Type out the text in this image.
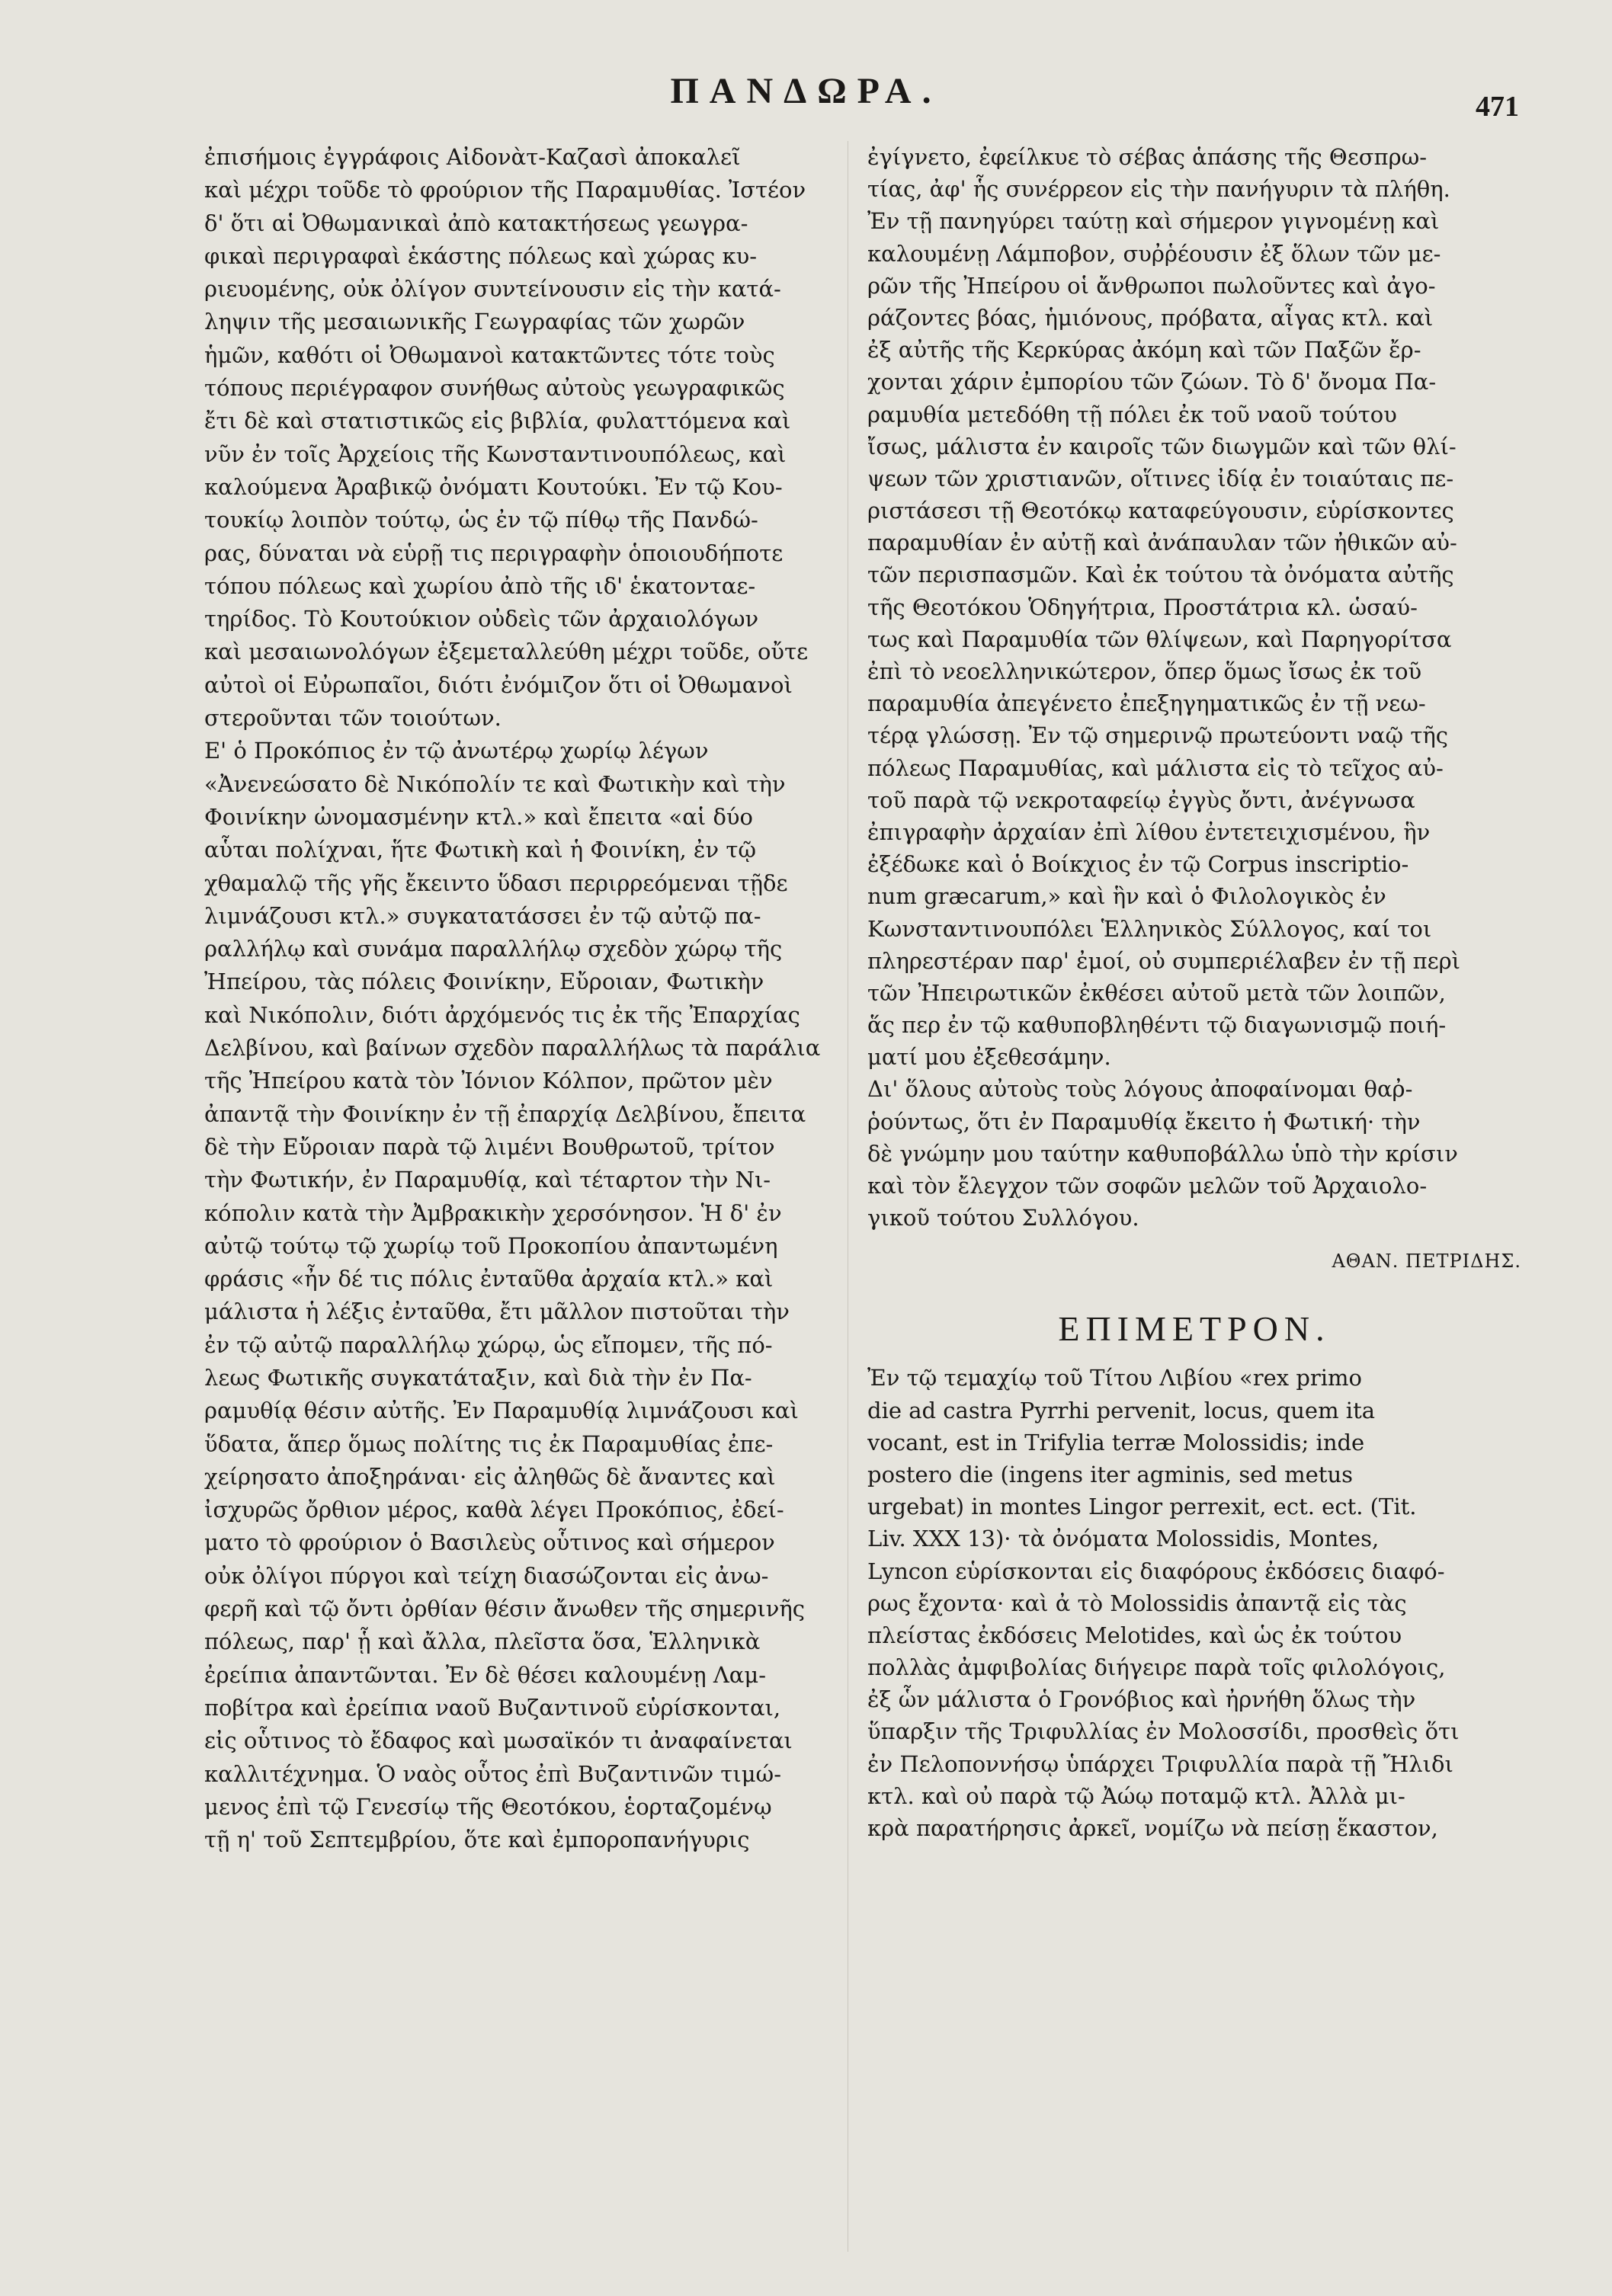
ΠΑΝΔΩΡΑ.	471
ἐπισήμοις ἐγγράφοις Αἰδονὰτ-Καζασὶ ἀποκαλεῖ
καὶ μέχρι τοῦδε τὸ φρούριον τῆς Παραμυθίας. Ἰστέον
δ' ὅτι αἱ Ὀθωμανικαὶ ἀπὸ κατακτήσεως γεωγρα-
φικαὶ περιγραφαὶ ἑκάστης πόλεως καὶ χώρας κυ-
ριευομένης, οὐκ ὀλίγον συντείνουσιν εἰς τὴν κατά-
ληψιν τῆς μεσαιωνικῆς Γεωγραφίας τῶν χωρῶν
ἡμῶν, καθότι οἱ Ὀθωμανοὶ κατακτῶντες τότε τοὺς
τόπους περιέγραφον συνήθως αὐτοὺς γεωγραφικῶς
ἔτι δὲ καὶ στατιστικῶς εἰς βιβλία, φυλαττόμενα καὶ
νῦν ἐν τοῖς Ἀρχείοις τῆς Κωνσταντινουπόλεως, καὶ
καλούμενα Ἀραβικῷ ὀνόματι Κουτούκι. Ἐν τῷ Κου-
τουκίῳ λοιπὸν τούτῳ, ὡς ἐν τῷ πίθῳ τῆς Πανδώ-
ρας, δύναται νὰ εὑρῇ τις περιγραφὴν ὁποιουδήποτε
τόπου πόλεως καὶ χωρίου ἀπὸ τῆς ιδ' ἑκατονταε-
τηρίδος. Τὸ Κουτούκιον οὐδεὶς τῶν ἀρχαιολόγων
καὶ μεσαιωνολόγων ἐξεμεταλλεύθη μέχρι τοῦδε, οὔτε
αὐτοὶ οἱ Εὐρωπαῖοι, διότι ἐνόμιζον ὅτι οἱ Ὀθωμανοὶ
στεροῦνται τῶν τοιούτων.
Ε' ὁ Προκόπιος ἐν τῷ ἀνωτέρῳ χωρίῳ λέγων
«Ἀνενεώσατο δὲ Νικόπολίν τε καὶ Φωτικὴν καὶ τὴν
Φοινίκην ὠνομασμένην κτλ.» καὶ ἔπειτα «αἱ δύο
αὗται πολίχναι, ἥτε Φωτικὴ καὶ ἡ Φοινίκη, ἐν τῷ
χθαμαλῷ τῆς γῆς ἔκειντο ὕδασι περιρρεόμεναι τῇδε
λιμνάζουσι κτλ.» συγκατατάσσει ἐν τῷ αὐτῷ πα-
ραλλήλῳ καὶ συνάμα παραλλήλῳ σχεδὸν χώρῳ τῆς
Ἠπείρου, τὰς πόλεις Φοινίκην, Εὔροιαν, Φωτικὴν
καὶ Νικόπολιν, διότι ἀρχόμενός τις ἐκ τῆς Ἐπαρχίας
Δελβίνου, καὶ βαίνων σχεδὸν παραλλήλως τὰ παράλια
τῆς Ἠπείρου κατὰ τὸν Ἰόνιον Κόλπον, πρῶτον μὲν
ἀπαντᾷ τὴν Φοινίκην ἐν τῇ ἐπαρχίᾳ Δελβίνου, ἔπειτα
δὲ τὴν Εὔροιαν παρὰ τῷ λιμένι Βουθρωτοῦ, τρίτον
τὴν Φωτικήν, ἐν Παραμυθίᾳ, καὶ τέταρτον τὴν Νι-
κόπολιν κατὰ τὴν Ἀμβρακικὴν χερσόνησον. Ἡ δ' ἐν
αὐτῷ τούτῳ τῷ χωρίῳ τοῦ Προκοπίου ἀπαντωμένη
φράσις «ἦν δέ τις πόλις ἐνταῦθα ἀρχαία κτλ.» καὶ
μάλιστα ἡ λέξις ἐνταῦθα, ἔτι μᾶλλον πιστοῦται τὴν
ἐν τῷ αὐτῷ παραλλήλῳ χώρῳ, ὡς εἴπομεν, τῆς πό-
λεως Φωτικῆς συγκατάταξιν, καὶ διὰ τὴν ἐν Πα-
ραμυθίᾳ θέσιν αὐτῆς. Ἐν Παραμυθίᾳ λιμνάζουσι καὶ
ὕδατα, ἅπερ ὅμως πολίτης τις ἐκ Παραμυθίας ἐπε-
χείρησατο ἀποξηράναι· εἰς ἀληθῶς δὲ ἄναντες καὶ
ἰσχυρῶς ὄρθιον μέρος, καθὰ λέγει Προκόπιος, ἐδεί-
ματο τὸ φρούριον ὁ Βασιλεὺς οὗτινος καὶ σήμερον
οὐκ ὀλίγοι πύργοι καὶ τείχη διασώζονται εἰς ἀνω-
φερῆ καὶ τῷ ὄντι ὀρθίαν θέσιν ἄνωθεν τῆς σημερινῆς
πόλεως, παρ' ᾗ καὶ ἄλλα, πλεῖστα ὅσα, Ἑλληνικὰ
ἐρείπια ἀπαντῶνται. Ἐν δὲ θέσει καλουμένῃ Λαμ-
ποβίτρα καὶ ἐρείπια ναοῦ Βυζαντινοῦ εὑρίσκονται,
εἰς οὗτινος τὸ ἔδαφος καὶ μωσαϊκόν τι ἀναφαίνεται
καλλιτέχνημα. Ὁ ναὸς οὗτος ἐπὶ Βυζαντινῶν τιμώ-
μενος ἐπὶ τῷ Γενεσίῳ τῆς Θεοτόκου, ἑορταζομένῳ
τῇ η' τοῦ Σεπτεμβρίου, ὅτε καὶ ἐμποροπανήγυρις
ἐγίγνετο, ἐφείλκυε τὸ σέβας ἁπάσης τῆς Θεσπρω-
τίας, ἀφ' ἧς συνέρρεον εἰς τὴν πανήγυριν τὰ πλήθη.
Ἐν τῇ πανηγύρει ταύτῃ καὶ σήμερον γιγνομένῃ καὶ
καλουμένῃ Λάμποβον, συῤῥέουσιν ἐξ ὅλων τῶν με-
ρῶν τῆς Ἠπείρου οἱ ἄνθρωποι πωλοῦντες καὶ ἀγο-
ράζοντες βόας, ἡμιόνους, πρόβατα, αἶγας κτλ. καὶ
ἐξ αὐτῆς τῆς Κερκύρας ἀκόμη καὶ τῶν Παξῶν ἔρ-
χονται χάριν ἐμπορίου τῶν ζώων. Τὸ δ' ὄνομα Πα-
ραμυθία μετεδόθη τῇ πόλει ἐκ τοῦ ναοῦ τούτου
ἴσως, μάλιστα ἐν καιροῖς τῶν διωγμῶν καὶ τῶν θλί-
ψεων τῶν χριστιανῶν, οἵτινες ἰδίᾳ ἐν τοιαύταις πε-
ριστάσεσι τῇ Θεοτόκῳ καταφεύγουσιν, εὑρίσκοντες
παραμυθίαν ἐν αὐτῇ καὶ ἀνάπαυλαν τῶν ἠθικῶν αὐ-
τῶν περισπασμῶν. Καὶ ἐκ τούτου τὰ ὀνόματα αὐτῆς
τῆς Θεοτόκου Ὁδηγήτρια, Προστάτρια κλ. ὡσαύ-
τως καὶ Παραμυθία τῶν θλίψεων, καὶ Παρηγορίτσα
ἐπὶ τὸ νεοελληνικώτερον, ὅπερ ὅμως ἴσως ἐκ τοῦ
παραμυθία ἀπεγένετο ἐπεξηγηματικῶς ἐν τῇ νεω-
τέρᾳ γλώσσῃ. Ἐν τῷ σημερινῷ πρωτεύοντι ναῷ τῆς
πόλεως Παραμυθίας, καὶ μάλιστα εἰς τὸ τεῖχος αὐ-
τοῦ παρὰ τῷ νεκροταφείῳ ἐγγὺς ὄντι, ἀνέγνωσα
ἐπιγραφὴν ἀρχαίαν ἐπὶ λίθου ἐντετειχισμένου, ἣν
ἐξέδωκε καὶ ὁ Βοίκχιος ἐν τῷ Corpus inscriptio-
num græcarum,» καὶ ἣν καὶ ὁ Φιλολογικὸς ἐν
Κωνσταντινουπόλει Ἑλληνικὸς Σύλλογος, καί τοι
πληρεστέραν παρ' ἐμοί, οὐ συμπεριέλαβεν ἐν τῇ περὶ
τῶν Ἠπειρωτικῶν ἐκθέσει αὐτοῦ μετὰ τῶν λοιπῶν,
ἅς περ ἐν τῷ καθυποβληθέντι τῷ διαγωνισμῷ ποιή-
ματί μου ἐξεθεσάμην.
Δι' ὅλους αὐτοὺς τοὺς λόγους ἀποφαίνομαι θαῤ-
ῥούντως, ὅτι ἐν Παραμυθίᾳ ἔκειτο ἡ Φωτική· τὴν
δὲ γνώμην μου ταύτην καθυποβάλλω ὑπὸ τὴν κρίσιν
καὶ τὸν ἔλεγχον τῶν σοφῶν μελῶν τοῦ Ἀρχαιολο-
γικοῦ τούτου Συλλόγου.
ΑΘΑΝ. ΠΕΤΡΙΔΗΣ.
ΕΠΙΜΕΤΡΟΝ.
Ἐν τῷ τεμαχίῳ τοῦ Τίτου Λιβίου «rex primo
die ad castra Pyrrhi pervenit, locus, quem ita
vocant, est in Trifylia terræ Molossidis; inde
postero die (ingens iter agminis, sed metus
urgebat) in montes Lingor perrexit, ect. ect. (Tit.
Liv. XXX 13)· τὰ ὀνόματα Molossidis, Montes,
Lyncon εὑρίσκονται εἰς διαφόρους ἐκδόσεις διαφό-
ρως ἔχοντα· καὶ ἀ τὸ Molossidis ἀπαντᾷ εἰς τὰς
πλείστας ἐκδόσεις Melotides, καὶ ὡς ἐκ τούτου
πολλὰς ἀμφιβολίας διήγειρε παρὰ τοῖς φιλολόγοις,
ἐξ ὧν μάλιστα ὁ Γρονόβιος καὶ ἠρνήθη ὅλως τὴν
ὕπαρξιν τῆς Τριφυλλίας ἐν Μολοσσίδι, προσθεὶς ὅτι
ἐν Πελοποννήσῳ ὑπάρχει Τριφυλλία παρὰ τῇ Ἤλιδι
κτλ. καὶ οὐ παρὰ τῷ Ἀώῳ ποταμῷ κτλ. Ἀλλὰ μι-
κρὰ παρατήρησις ἀρκεῖ, νομίζω νὰ πείσῃ ἕκαστον,
